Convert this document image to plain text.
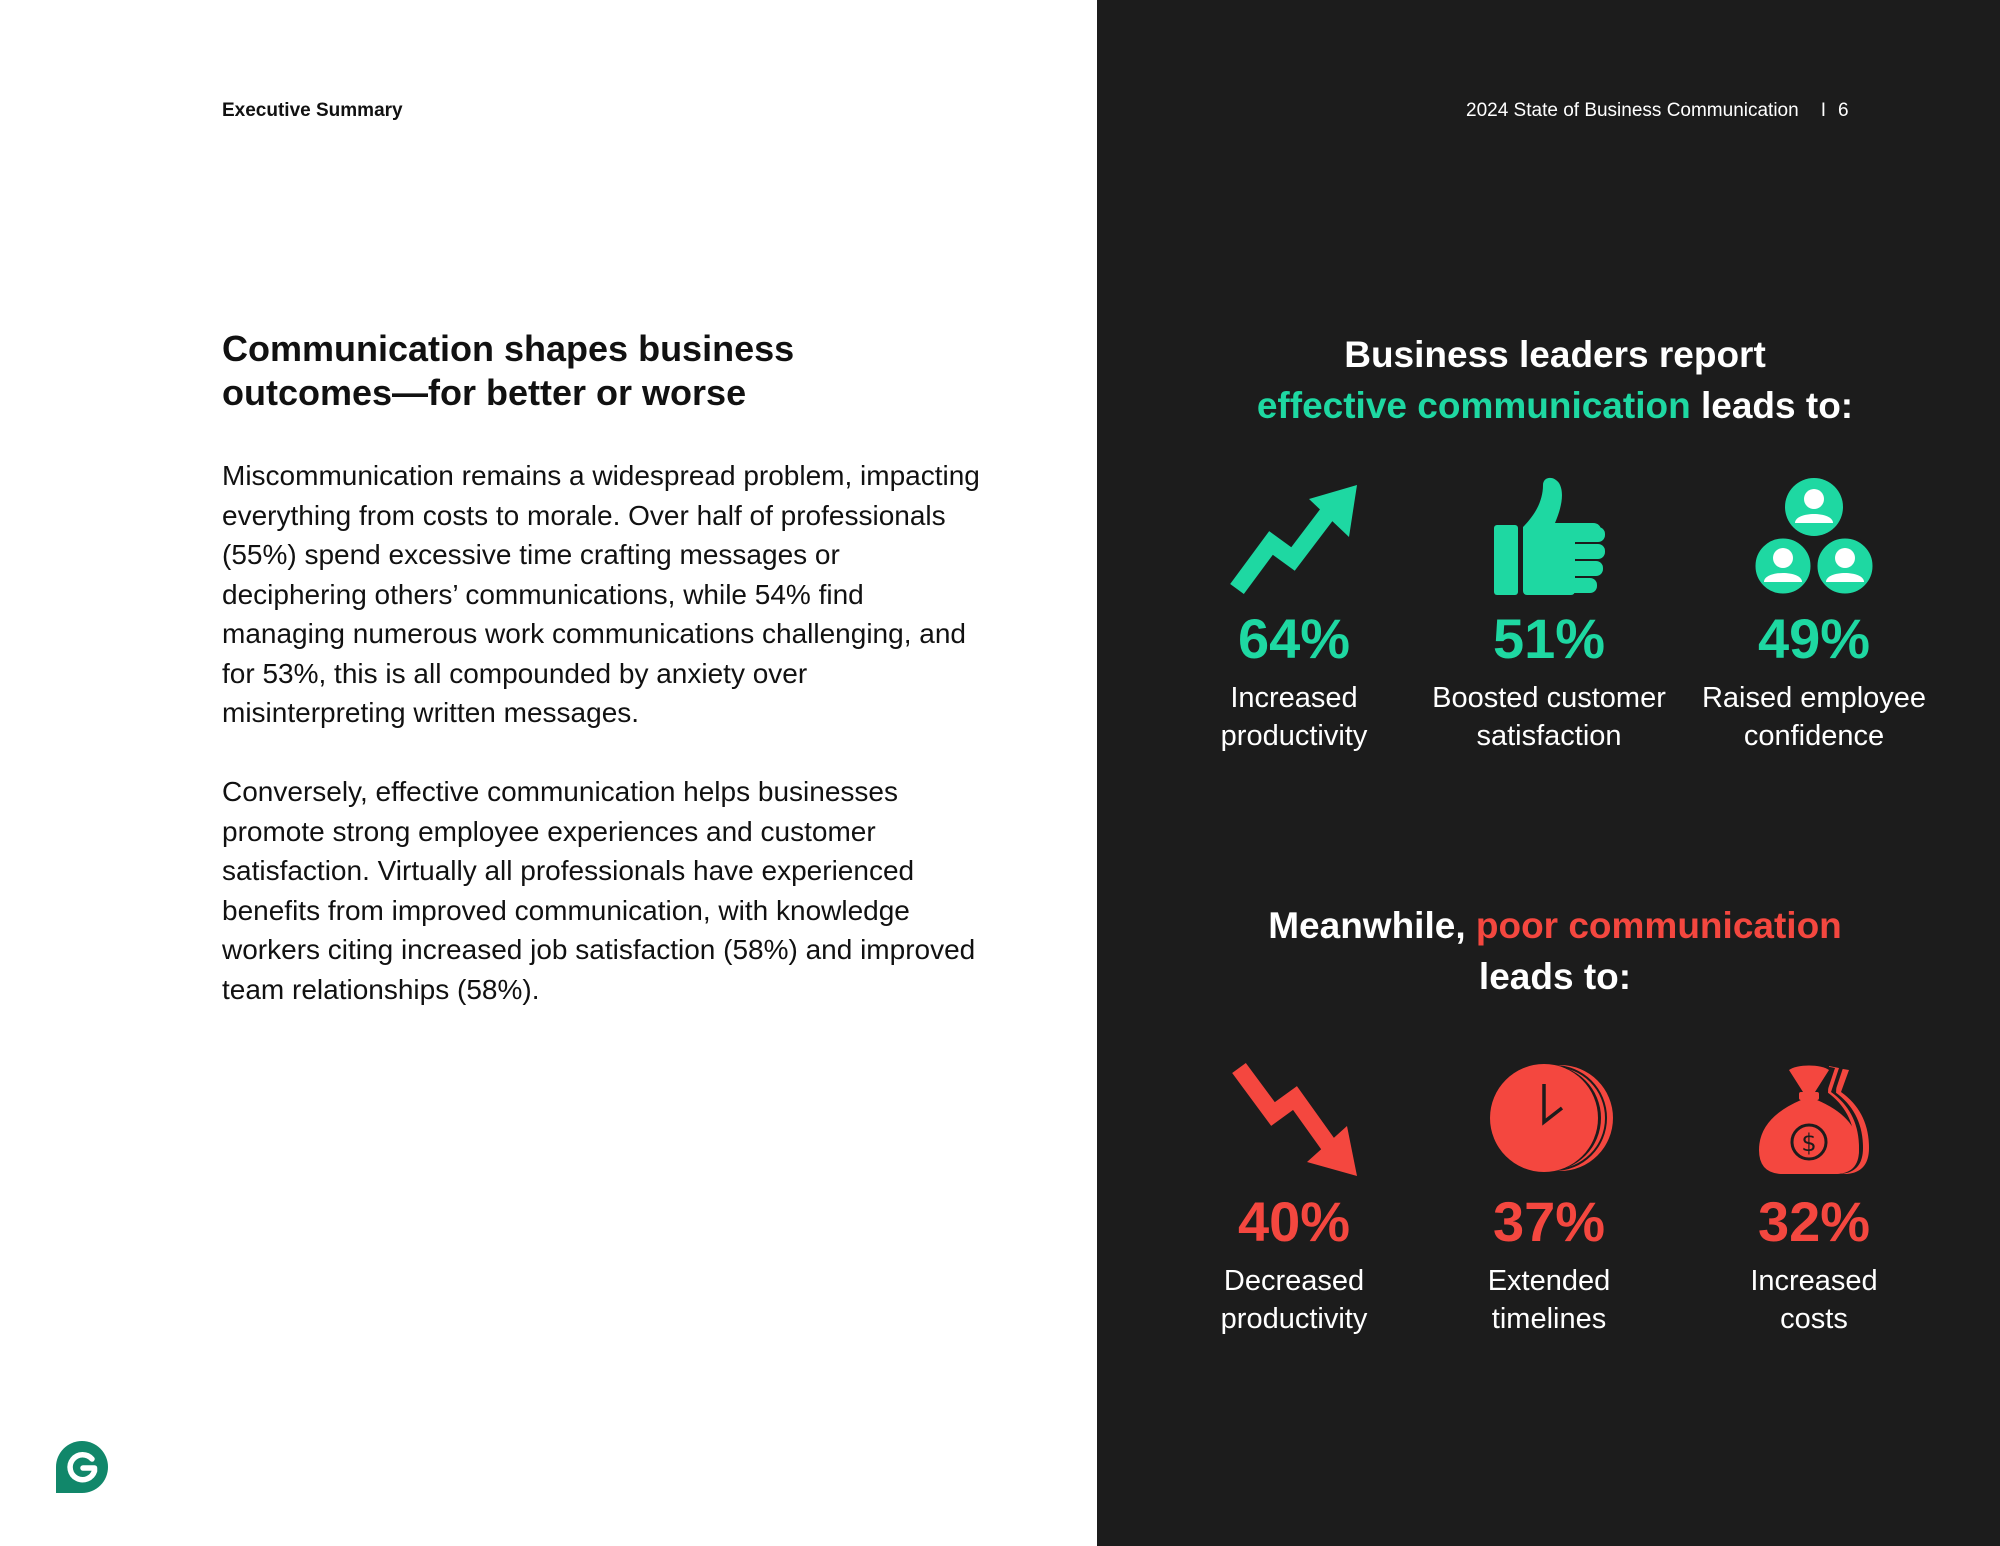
Executive Summary
Communication shapes business outcomes—for better or worse

Miscommunication remains a widespread problem, impacting everything from costs to morale. Over half of professionals (55%) spend excessive time crafting messages or deciphering others’ communications, while 54% find managing numerous work communications challenging, and for 53%, this is all compounded by anxiety over misinterpreting written messages.

Conversely, effective communication helps businesses promote strong employee experiences and customer satisfaction. Virtually all professionals have experienced benefits from improved communication, with knowledge workers citing increased job satisfaction (58%) and improved team relationships (58%).

2024 State of Business Communication I 6
Business leaders report
effective communication leads to:
64%
Increased
productivity
51%
Boosted customer
satisfaction
49%
Raised employee
confidence
Meanwhile, poor communication
leads to:
40%
Decreased
productivity
37%
Extended
timelines
$
32%
Increased
costs
